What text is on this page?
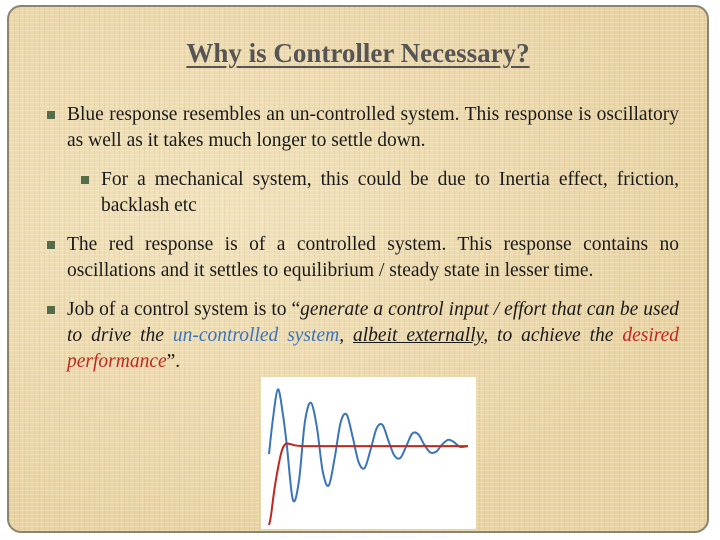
Why is Controller Necessary?
Blue response resembles an un-controlled system. This response is oscillatory as well as it takes much longer to settle down.
For a mechanical system, this could be due to Inertia effect, friction, backlash etc
The red response is of a controlled system. This response contains no oscillations and it settles to equilibrium / steady state in lesser time.
Job of a control system is to “generate a control input / effort that can be used to drive the un-controlled system, albeit externally, to achieve the desired performance”.
